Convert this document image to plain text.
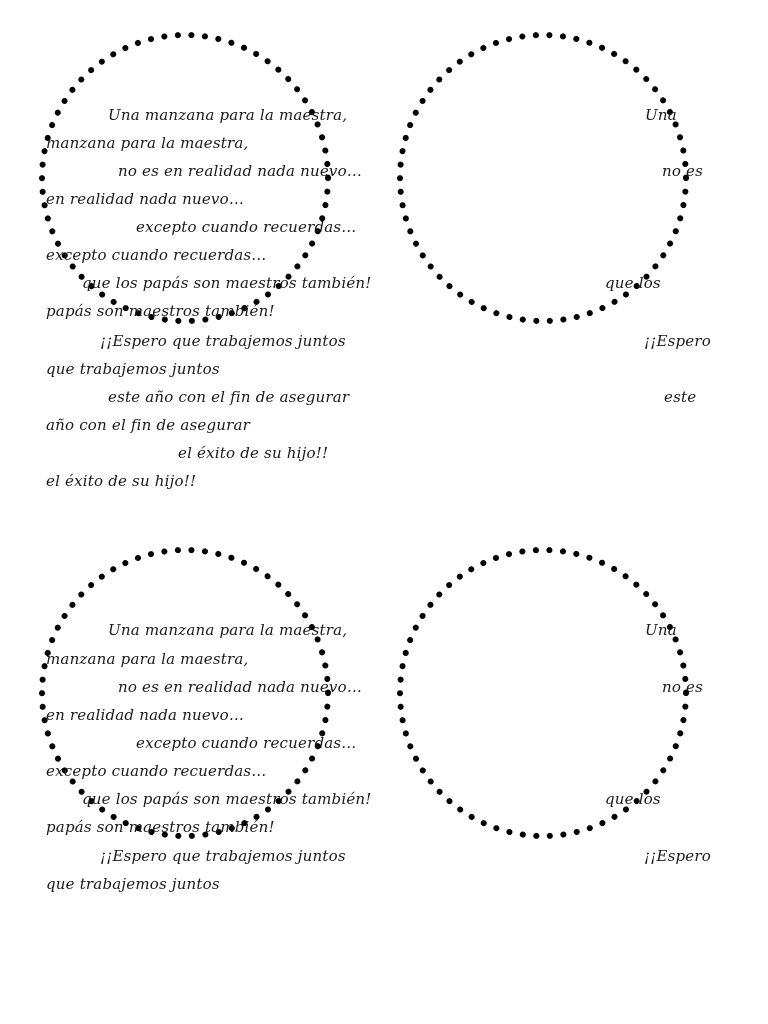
Una manzana para la maestra,	Una
manzana para la maestra,
no es en realidad nada nuevo…	no es
en realidad nada nuevo…
excepto cuando recuerdas…
excepto cuando recuerdas…
que los papás son maestros también!	que los
papás son maestros también!
¡¡Espero que trabajemos juntos	¡¡Espero
que trabajemos juntos
este año con el fin de asegurar	este
año con el fin de asegurar
el éxito de su hijo!!
el éxito de su hijo!!
Una manzana para la maestra,	Una
manzana para la maestra,
no es en realidad nada nuevo…	no es
en realidad nada nuevo…
excepto cuando recuerdas…
excepto cuando recuerdas…
que los papás son maestros también!	que los
papás son maestros también!
¡¡Espero que trabajemos juntos	¡¡Espero
que trabajemos juntos
